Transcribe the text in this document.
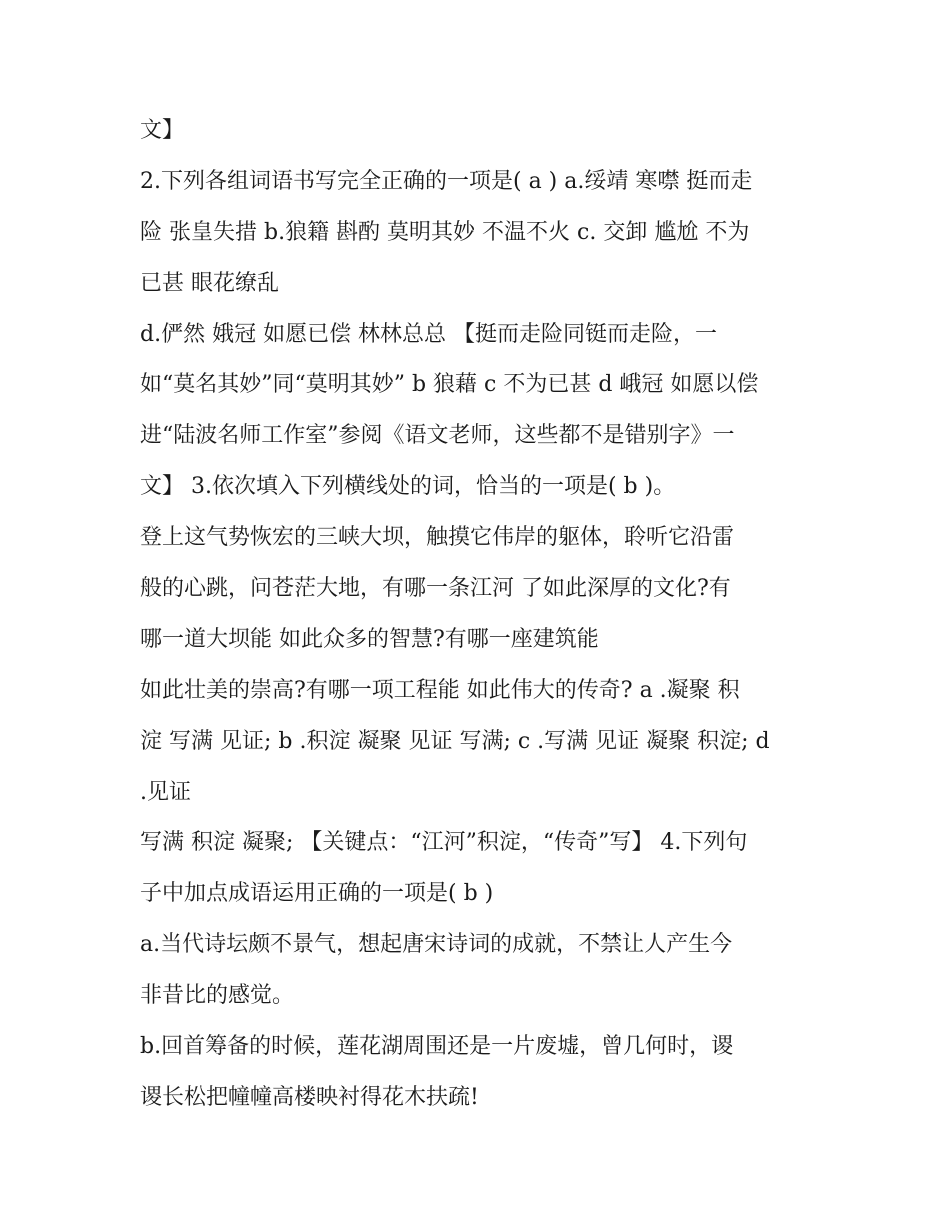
文】
2.下列各组词语书写完全正确的一项是( a ) a.绥靖 寒噤 挺而走
险 张皇失措 b.狼籍 斟酌 莫明其妙 不温不火 c. 交卸 尴尬 不为
已甚 眼花缭乱
d.俨然 娥冠 如愿已偿 林林总总 【挺而走险同铤而走险，一
如“莫名其妙”同“莫明其妙” b 狼藉 c 不为已甚 d 峨冠 如愿以偿
进“陆波名师工作室”参阅《语文老师，这些都不是错别字》一
文】 3.依次填入下列横线处的词，恰当的一项是( b )。
登上这气势恢宏的三峡大坝，触摸它伟岸的躯体，聆听它沿雷
般的心跳，问苍茫大地，有哪一条江河 了如此深厚的文化?有
哪一道大坝能 如此众多的智慧?有哪一座建筑能
如此壮美的崇高?有哪一项工程能 如此伟大的传奇? a .凝聚 积
淀 写满 见证; b .积淀 凝聚 见证 写满; c .写满 见证 凝聚 积淀; d
.见证
写满 积淀 凝聚; 【关键点：“江河”积淀，“传奇”写】 4.下列句
子中加点成语运用正确的一项是( b )
a.当代诗坛颇不景气，想起唐宋诗词的成就，不禁让人产生今
非昔比的感觉。
b.回首筹备的时候，莲花湖周围还是一片废墟，曾几何时，谡
谡长松把幢幢高楼映衬得花木扶疏!
